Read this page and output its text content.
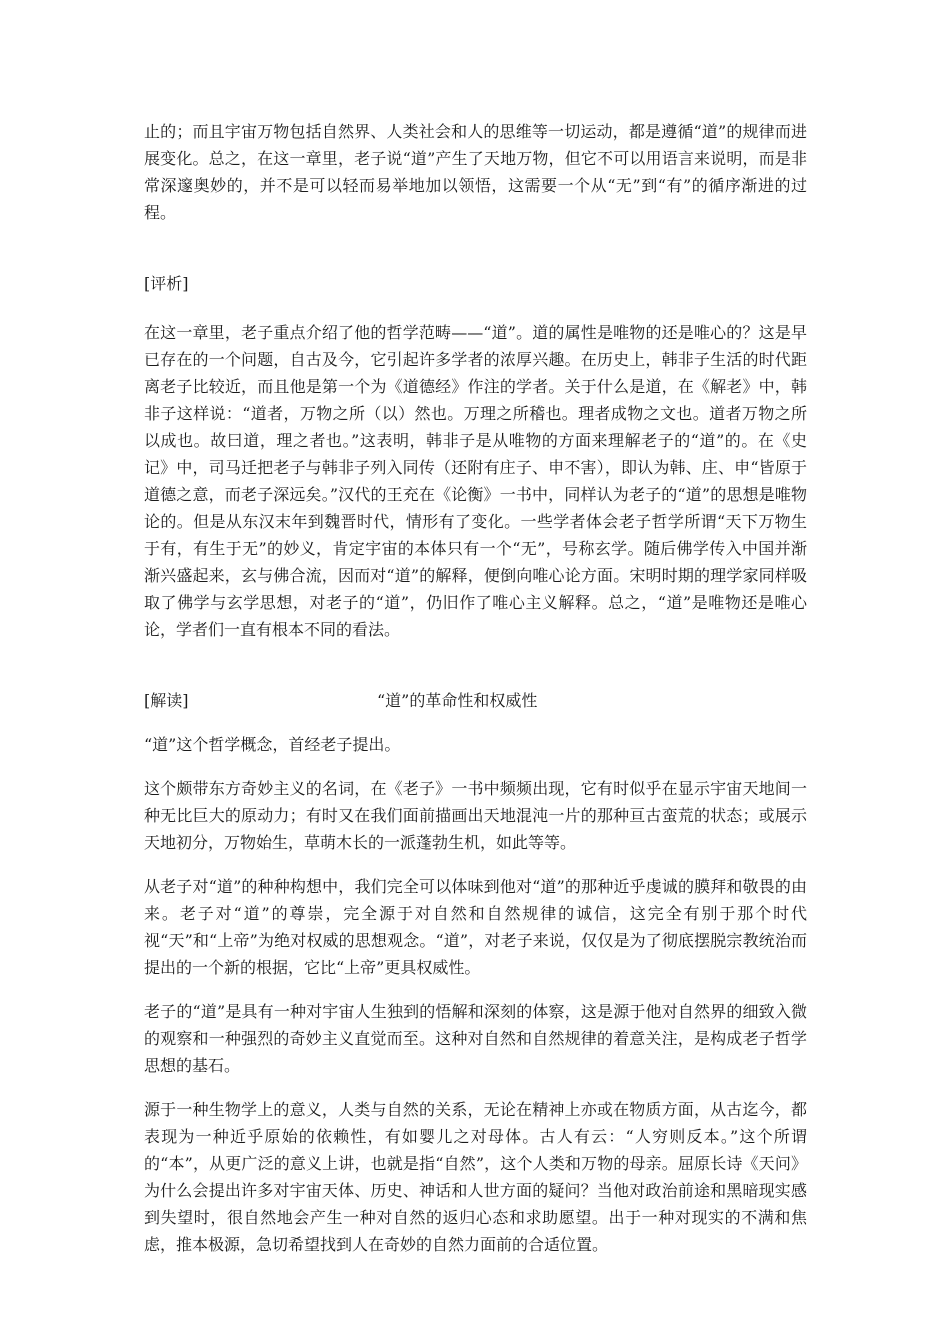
止的；而且宇宙万物包括自然界、人类社会和人的思维等一切运动，都是遵循“道”的规律而进展变化。总之，在这一章里，老子说“道”产生了天地万物，但它不可以用语言来说明，而是非常深邃奥妙的，并不是可以轻而易举地加以领悟，这需要一个从“无”到“有”的循序渐进的过程。

[评析]

在这一章里，老子重点介绍了他的哲学范畴——“道”。道的属性是唯物的还是唯心的？这是早已存在的一个问题，自古及今，它引起许多学者的浓厚兴趣。在历史上，韩非子生活的时代距离老子比较近，而且他是第一个为《道德经》作注的学者。关于什么是道，在《解老》中，韩非子这样说：“道者，万物之所（以）然也。万理之所稽也。理者成物之文也。道者万物之所以成也。故曰道，理之者也。”这表明，韩非子是从唯物的方面来理解老子的“道”的。在《史记》中，司马迁把老子与韩非子列入同传（还附有庄子、申不害），即认为韩、庄、申“皆原于道德之意，而老子深远矣。”汉代的王充在《论衡》一书中，同样认为老子的“道”的思想是唯物论的。但是从东汉末年到魏晋时代，情形有了变化。一些学者体会老子哲学所谓“天下万物生于有，有生于无”的妙义，肯定宇宙的本体只有一个“无”，号称玄学。随后佛学传入中国并渐渐兴盛起来，玄与佛合流，因而对“道”的解释，便倒向唯心论方面。宋明时期的理学家同样吸取了佛学与玄学思想，对老子的“道”，仍旧作了唯心主义解释。总之，“道”是唯物还是唯心论，学者们一直有根本不同的看法。

[解读]	“道”的革命性和权威性

“道”这个哲学概念，首经老子提出。

这个颇带东方奇妙主义的名词，在《老子》一书中频频出现，它有时似乎在显示宇宙天地间一种无比巨大的原动力；有时又在我们面前描画出天地混沌一片的那种亘古蛮荒的状态；或展示天地初分，万物始生，草萌木长的一派蓬勃生机，如此等等。

从老子对“道”的种种构想中，我们完全可以体味到他对“道”的那种近乎虔诚的膜拜和敬畏的由来。老子对“道”的尊崇，完全源于对自然和自然规律的诚信，这完全有别于那个时代视“天”和“上帝”为绝对权威的思想观念。“道”，对老子来说，仅仅是为了彻底摆脱宗教统治而提出的一个新的根据，它比“上帝”更具权威性。

老子的“道”是具有一种对宇宙人生独到的悟解和深刻的体察，这是源于他对自然界的细致入微的观察和一种强烈的奇妙主义直觉而至。这种对自然和自然规律的着意关注，是构成老子哲学思想的基石。

源于一种生物学上的意义，人类与自然的关系，无论在精神上亦或在物质方面，从古迄今，都表现为一种近乎原始的依赖性，有如婴儿之对母体。古人有云：“人穷则反本。”这个所谓的“本”，从更广泛的意义上讲，也就是指“自然”，这个人类和万物的母亲。屈原长诗《天问》为什么会提出许多对宇宙天体、历史、神话和人世方面的疑问？当他对政治前途和黑暗现实感到失望时，很自然地会产生一种对自然的返归心态和求助愿望。出于一种对现实的不满和焦虑，推本极源，急切希望找到人在奇妙的自然力面前的合适位置。
